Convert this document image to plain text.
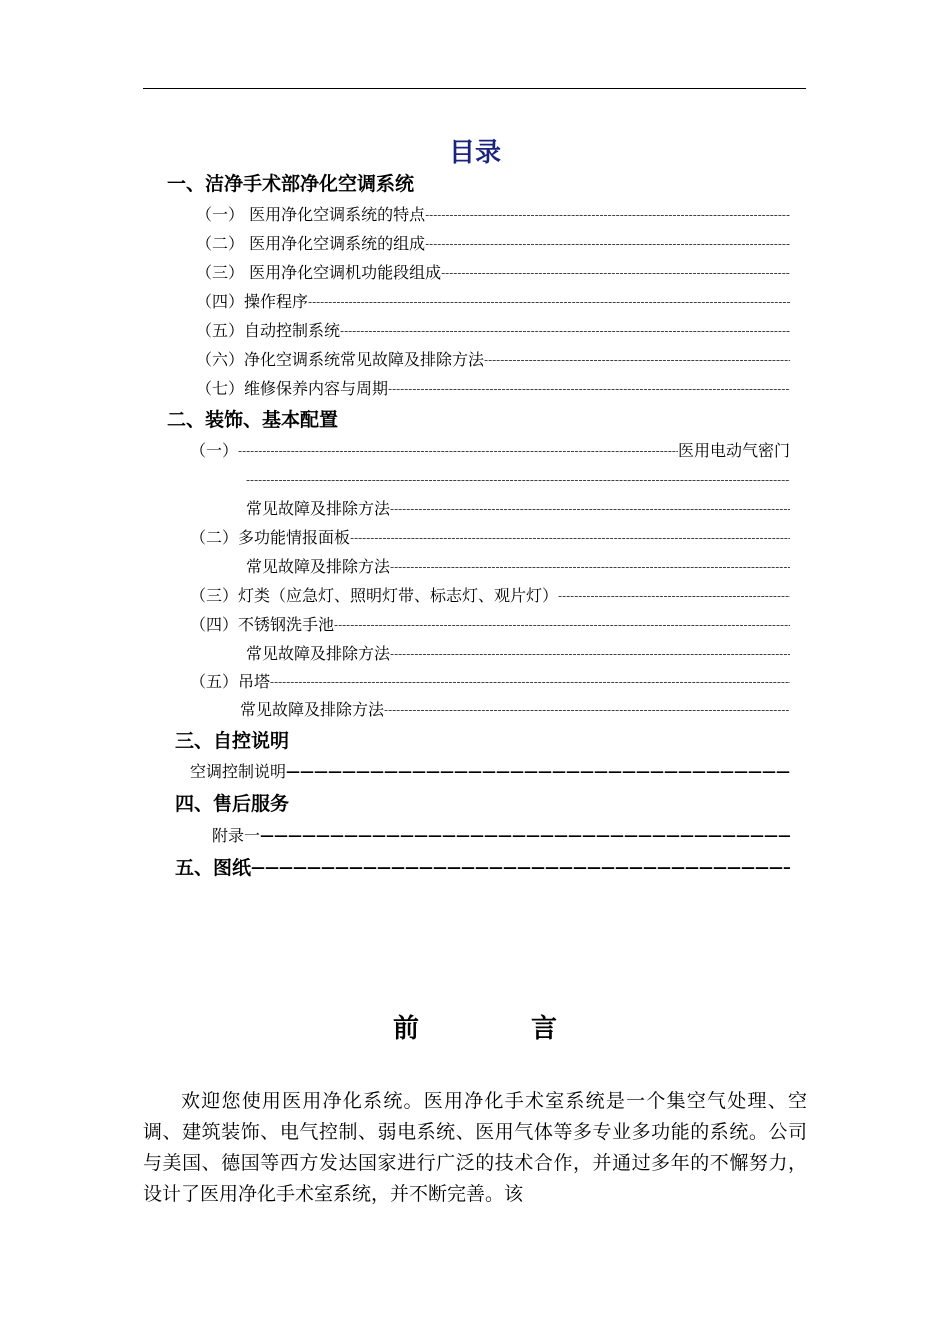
目录
一、洁净手术部净化空调系统
（一） 医用净化空调系统的特点
-----
（二） 医用净化空调系统的组成
-----
（三） 医用净化空调机功能段组成
-----
（四）操作程序
-----
（五）自动控制系统
-----
（六）净化空调系统常见故障及排除方法
-----
（七）维修保养内容与周期
-----
二、装饰、基本配置
（一）
-----	医用电动气密门
-----
常见故障及排除方法
-----
（二）多功能情报面板
-----
常见故障及排除方法
-----
（三）灯类（应急灯、照明灯带、标志灯、观片灯）
-----
（四）不锈钢洗手池
-----
常见故障及排除方法
-----
（五）吊塔
-----
常见故障及排除方法
-----
三、自控说明
空调控制说明
—————
四、售后服务
附录一
—————
五、图纸
—————
前言

欢迎您使用医用净化系统。医用净化手术室系统是一个集空气处理、空调、建筑装饰、电气控制、弱电系统、医用气体等多专业多功能的系统。公司与美国、德国等西方发达国家进行广泛的技术合作，并通过多年的不懈努力，设计了医用净化手术室系统，并不断完善。该
